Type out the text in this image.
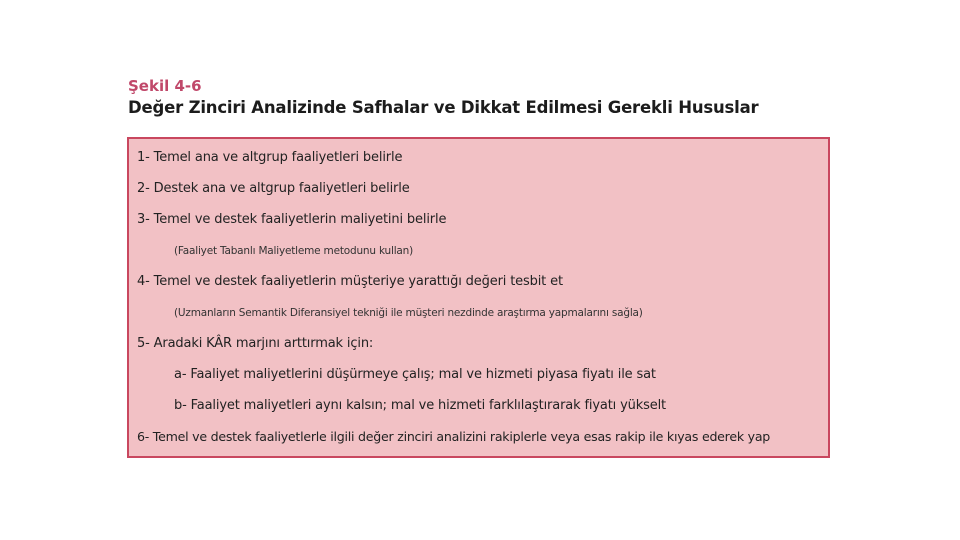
Şekil 4-6
Değer Zinciri Analizinde Safhalar ve Dikkat Edilmesi Gerekli Hususlar
1- Temel ana ve altgrup faaliyetleri belirle
2- Destek ana ve altgrup faaliyetleri belirle
3- Temel ve destek faaliyetlerin maliyetini belirle
(Faaliyet Tabanlı Maliyetleme metodunu kullan)
4- Temel ve destek faaliyetlerin müşteriye yarattığı değeri tesbit et
(Uzmanların Semantik Diferansiyel tekniği ile müşteri nezdinde araştırma yapmalarını sağla)
5- Aradaki KÂR marjını arttırmak için:
a- Faaliyet maliyetlerini düşürmeye çalış; mal ve hizmeti piyasa fiyatı ile sat
b- Faaliyet maliyetleri aynı kalsın; mal ve hizmeti farklılaştırarak fiyatı yükselt
6- Temel ve destek faaliyetlerle ilgili değer zinciri analizini rakiplerle veya esas rakip ile kıyas ederek yap
